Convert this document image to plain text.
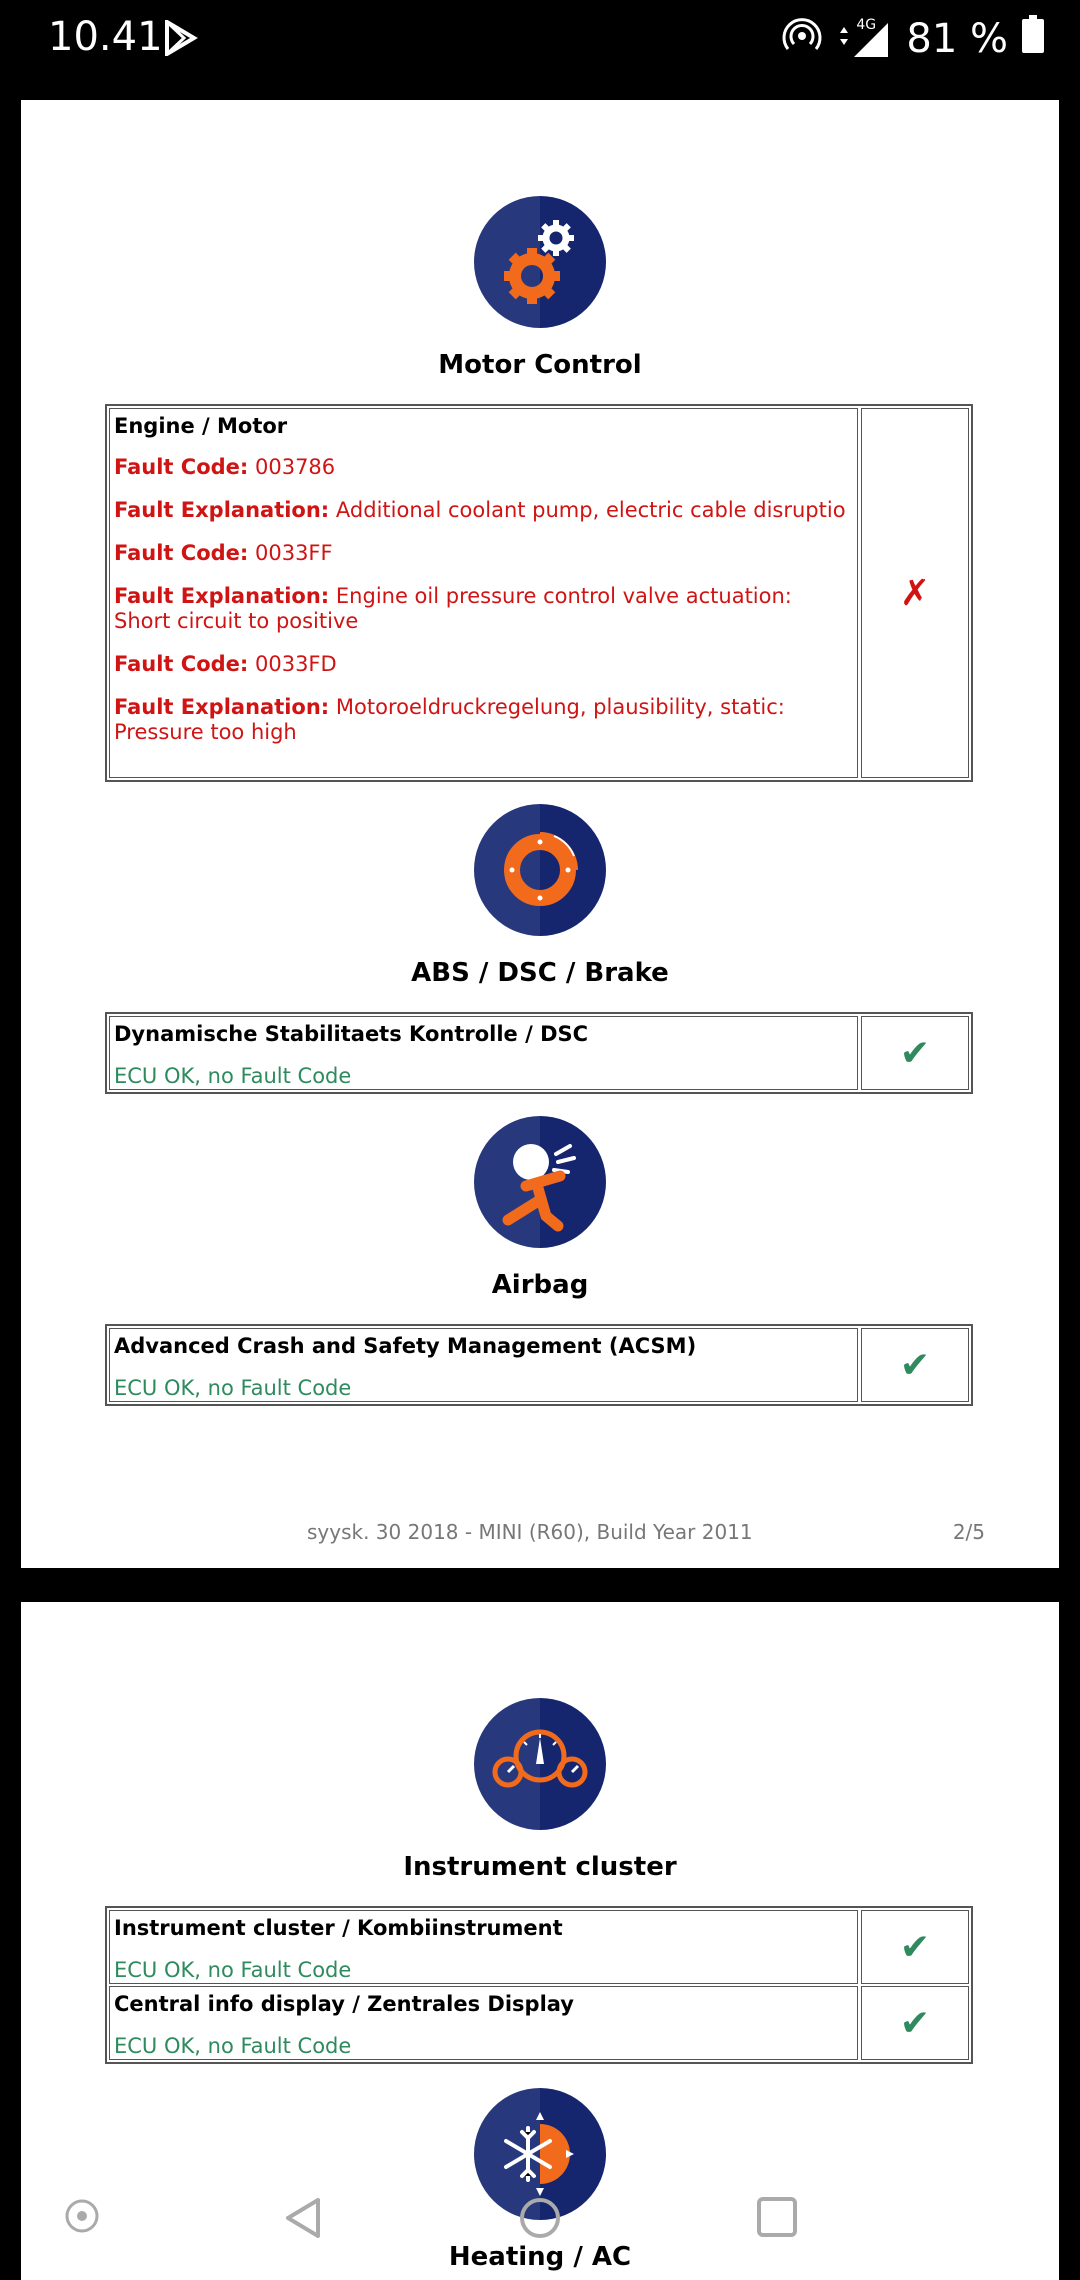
10.41	4G 81 %
Motor Control
Engine / Motor
Fault Code: 003786
Fault Explanation: Additional coolant pump, electric cable disruptio
Fault Code: 0033FF
Fault Explanation: Engine oil pressure control valve actuation: Short circuit to positive
Fault Code: 0033FD
Fault Explanation: Motoroeldruckregelung, plausibility, static: Pressure too high
✗
ABS / DSC / Brake
Dynamische Stabilitaets Kontrolle / DSC
ECU OK, no Fault Code
✔
Airbag
Advanced Crash and Safety Management (ACSM)
ECU OK, no Fault Code
✔
syysk. 30 2018 - MINI (R60), Build Year 2011	2/5
Instrument cluster
Instrument cluster / Kombiinstrument
ECU OK, no Fault Code
✔
Central info display / Zentrales Display
ECU OK, no Fault Code
✔
Heating / AC
